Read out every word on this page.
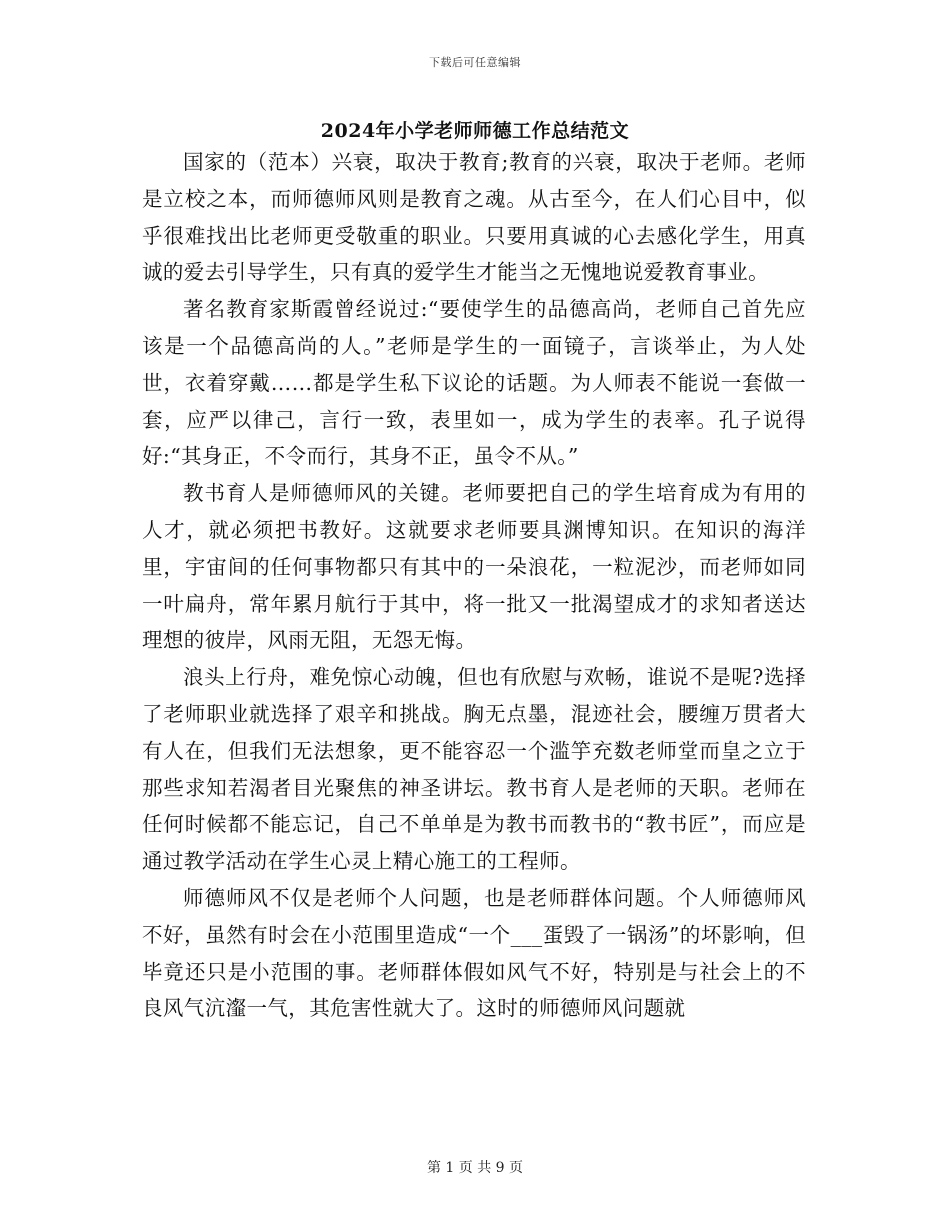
下载后可任意编辑
2024年小学老师师德工作总结范文

国家的（范本）兴衰，取决于教育;教育的兴衰，取决于老师。老师是立校之本，而师德师风则是教育之魂。从古至今，在人们心目中，似乎很难找出比老师更受敬重的职业。只要用真诚的心去感化学生，用真诚的爱去引导学生，只有真的爱学生才能当之无愧地说爱教育事业。

著名教育家斯霞曾经说过:“要使学生的品德高尚，老师自己首先应该是一个品德高尚的人。”老师是学生的一面镜子，言谈举止，为人处世，衣着穿戴……都是学生私下议论的话题。为人师表不能说一套做一套，应严以律己，言行一致，表里如一，成为学生的表率。孔子说得好:“其身正，不令而行，其身不正，虽令不从。”

教书育人是师德师风的关键。老师要把自己的学生培育成为有用的人才，就必须把书教好。这就要求老师要具渊博知识。在知识的海洋里，宇宙间的任何事物都只有其中的一朵浪花，一粒泥沙，而老师如同一叶扁舟，常年累月航行于其中，将一批又一批渴望成才的求知者送达理想的彼岸，风雨无阻，无怨无悔。

浪头上行舟，难免惊心动魄，但也有欣慰与欢畅，谁说不是呢?选择了老师职业就选择了艰辛和挑战。胸无点墨，混迹社会，腰缠万贯者大有人在，但我们无法想象，更不能容忍一个滥竽充数老师堂而皇之立于那些求知若渴者目光聚焦的神圣讲坛。教书育人是老师的天职。老师在任何时候都不能忘记，自己不单单是为教书而教书的“教书匠”，而应是通过教学活动在学生心灵上精心施工的工程师。

师德师风不仅是老师个人问题，也是老师群体问题。个人师德师风不好，虽然有时会在小范围里造成“一个___蛋毁了一锅汤”的坏影响，但毕竟还只是小范围的事。老师群体假如风气不好，特别是与社会上的不良风气沆瀣一气，其危害性就大了。这时的师德师风问题就

第 1 页 共 9 页
